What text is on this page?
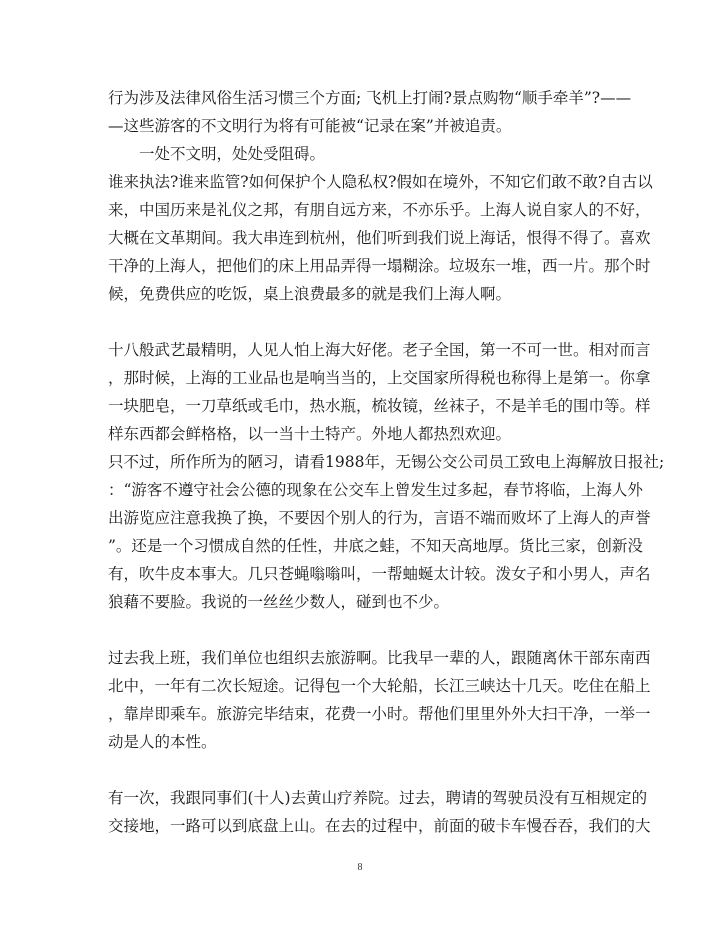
行为涉及法律风俗生活习惯三个方面; 飞机上打闹?景点购物“顺手牵羊”?——
—这些游客的不文明行为将有可能被“记录在案”并被追责。
一处不文明，处处受阻碍。
谁来执法?谁来监管?如何保护个人隐私权?假如在境外，不知它们敢不敢?自古以
来，中国历来是礼仪之邦，有朋自远方来，不亦乐乎。上海人说自家人的不好，
大概在文革期间。我大串连到杭州，他们听到我们说上海话，恨得不得了。喜欢
干净的上海人，把他们的床上用品弄得一塌糊涂。垃圾东一堆，西一片。那个时
候，免费供应的吃饭，桌上浪费最多的就是我们上海人啊。
十八般武艺最精明，人见人怕上海大好佬。老子全国，第一不可一世。相对而言
，那时候，上海的工业品也是响当当的，上交国家所得税也称得上是第一。你拿
一块肥皂，一刀草纸或毛巾，热水瓶，梳妆镜，丝袜子，不是羊毛的围巾等。样
样东西都会鲜格格，以一当十土特产。外地人都热烈欢迎。
只不过，所作所为的陋习，请看1988年，无锡公交公司员工致电上海解放日报社;
：“游客不遵守社会公德的现象在公交车上曾发生过多起，春节将临，上海人外
出游览应注意我换了换，不要因个别人的行为，言语不端而败坏了上海人的声誉
”。还是一个习惯成自然的任性，井底之蛙，不知天高地厚。货比三家，创新没
有，吹牛皮本事大。几只苍蝇嗡嗡叫，一帮蚰蜒太计较。泼女子和小男人，声名
狼藉不要脸。我说的一丝丝少数人，碰到也不少。
过去我上班，我们单位也组织去旅游啊。比我早一辈的人，跟随离休干部东南西
北中，一年有二次长短途。记得包一个大轮船，长江三峡达十几天。吃住在船上
，靠岸即乘车。旅游完毕结束，花费一小时。帮他们里里外外大扫干净，一举一
动是人的本性。
有一次，我跟同事们(十人)去黄山疗养院。过去，聘请的驾驶员没有互相规定的
交接地，一路可以到底盘上山。在去的过程中，前面的破卡车慢吞吞，我们的大
8
